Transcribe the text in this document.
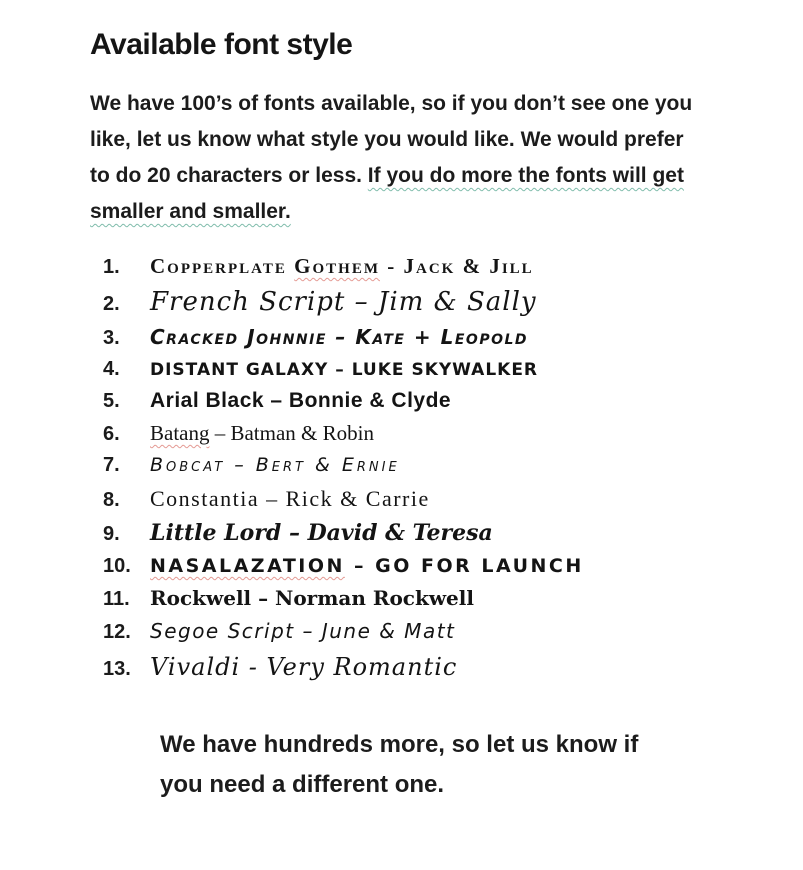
Available font style

We have 100’s of fonts available, so if you don’t see one you
like, let us know what style you would like. We would prefer
to do 20 characters or less. If you do more the fonts will get
smaller and smaller.

1.	Copperplate Gothem - Jack & Jill
2.	French Script – Jim & Sally
3.	Cracked Johnnie – Kate + Leopold
4.	DISTANT GALAXY – LUKE SKYWALKER
5.	Arial Black – Bonnie & Clyde
6.	Batang – Batman & Robin
7.	Bobcat – Bert & Ernie
8.	Constantia – Rick & Carrie
9.	Little Lord – David & Teresa
10.	NASALAZATION – GO FOR LAUNCH
11.	Rockwell – Norman Rockwell
12. Segoe Script – June & Matt
13. Vivaldi - Very Romantic

We have hundreds more, so let us know if
you need a different one.
